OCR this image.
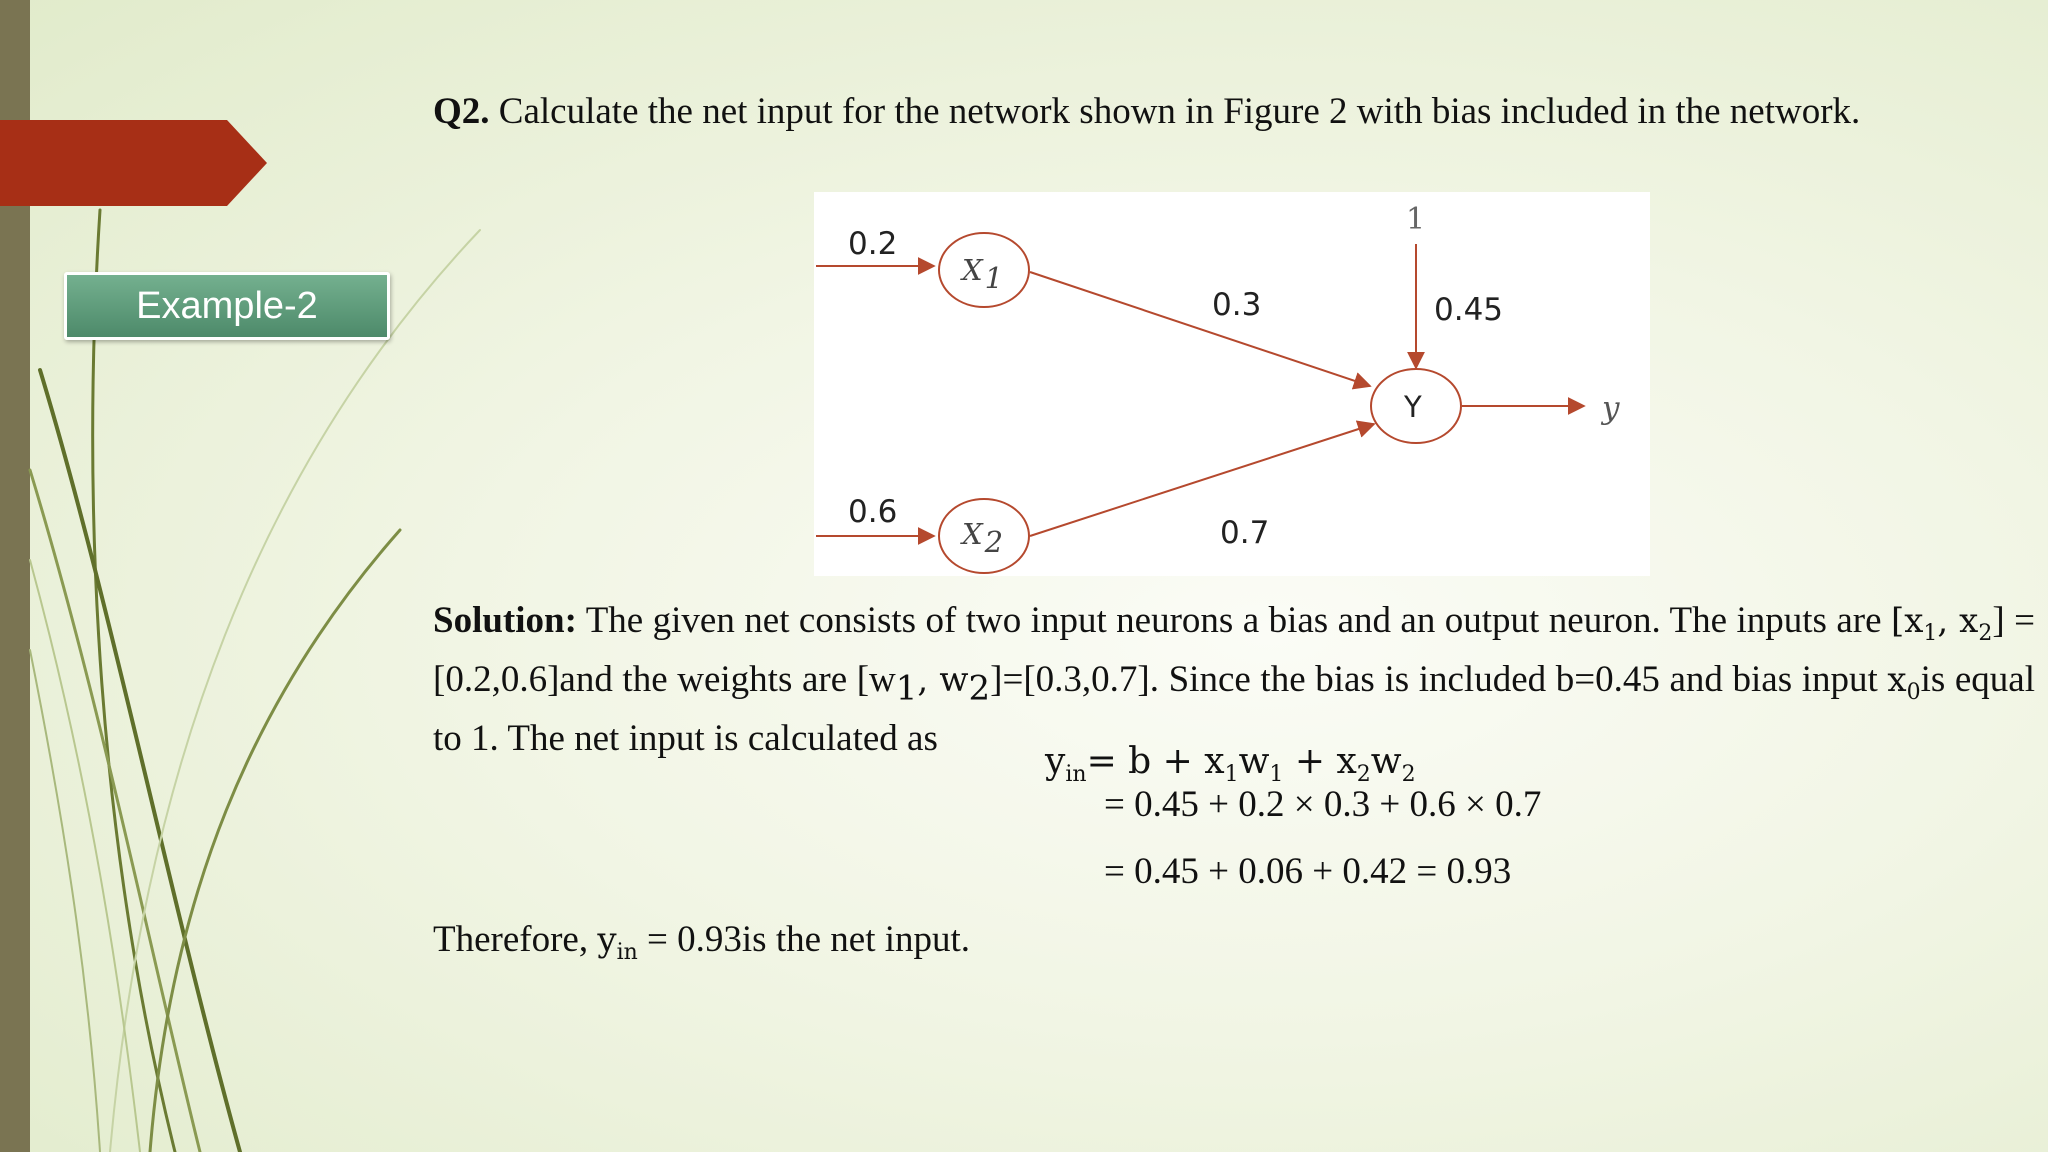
Example-2
Q2. Calculate the net input for the network shown in Figure 2 with bias included in the network.
0.2
0.6
X1
X2
Y
0.3
0.7
1
0.45
y
Solution: The given net consists of two input neurons a bias and an output neuron. The inputs are [$x_1$, $x_2] = [0.2,0.6]and$ the weights are [$w_1$, $w_2]=[0.3,0.7]$. Since the bias is included b=0.45 and bias input $x_0is$ equal to 1. The net input is calculated as
$y_{in}= b + x_1w_1 + x_2w_2$
= 0.45 + 0.2 × 0.3 + 0.6 × 0.7
= 0.45 + 0.06 + 0.42 = 0.93
Therefore, $y_{in} = 0.93is$ the net input.
